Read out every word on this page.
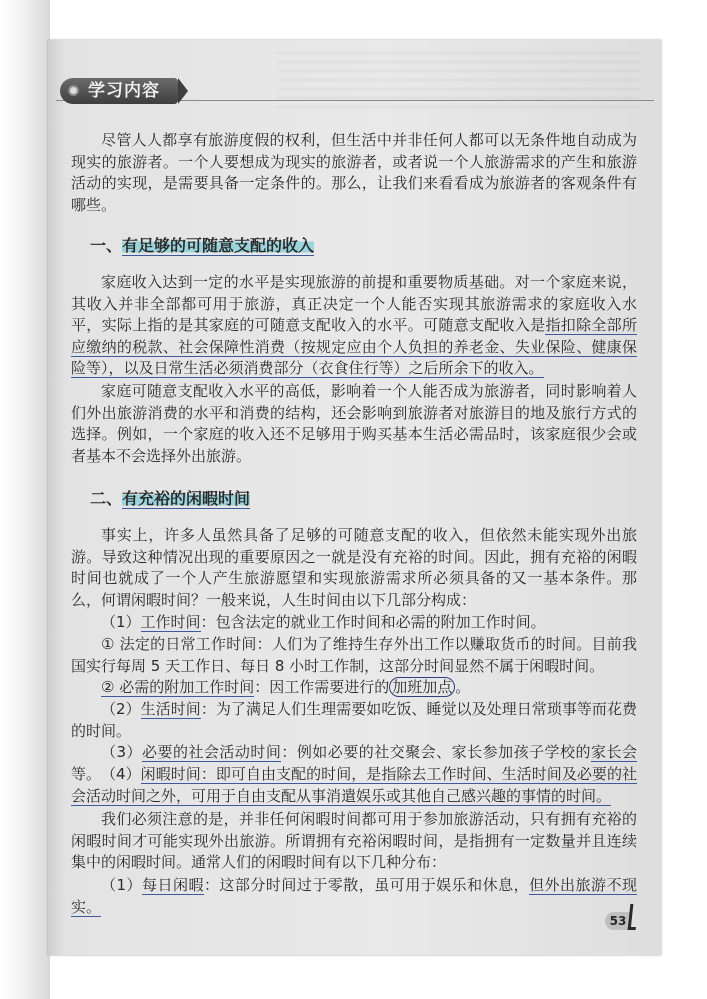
学习内容

尽管人人都享有旅游度假的权利，但生活中并非任何人都可以无条件地自动成为现实的旅游者。一个人要想成为现实的旅游者，或者说一个人旅游需求的产生和旅游活动的实现，是需要具备一定条件的。那么，让我们来看看成为旅游者的客观条件有哪些。

一、有足够的可随意支配的收入

家庭收入达到一定的水平是实现旅游的前提和重要物质基础。对一个家庭来说，其收入并非全部都可用于旅游，真正决定一个人能否实现其旅游需求的家庭收入水平，实际上指的是其家庭的可随意支配收入的水平。可随意支配收入是指扣除全部所应缴纳的税款、社会保障性消费（按规定应由个人负担的养老金、失业保险、健康保险等），以及日常生活必须消费部分（衣食住行等）之后所余下的收入。

家庭可随意支配收入水平的高低，影响着一个人能否成为旅游者，同时影响着人们外出旅游消费的水平和消费的结构，还会影响到旅游者对旅游目的地及旅行方式的选择。例如，一个家庭的收入还不足够用于购买基本生活必需品时，该家庭很少会或者基本不会选择外出旅游。

二、有充裕的闲暇时间

事实上，许多人虽然具备了足够的可随意支配的收入，但依然未能实现外出旅游。导致这种情况出现的重要原因之一就是没有充裕的时间。因此，拥有充裕的闲暇时间也就成了一个人产生旅游愿望和实现旅游需求所必须具备的又一基本条件。那么，何谓闲暇时间？一般来说，人生时间由以下几部分构成：

（1）工作时间：包含法定的就业工作时间和必需的附加工作时间。

① 法定的日常工作时间：人们为了维持生存外出工作以赚取货币的时间。目前我国实行每周 5 天工作日、每日 8 小时工作制，这部分时间显然不属于闲暇时间。

② 必需的附加工作时间：因工作需要进行的 加班加点 。

（2）生活时间：为了满足人们生理需要如吃饭、睡觉以及处理日常琐事等而花费的时间。

（3）必要的社会活动时间：例如必要的社交聚会、家长参加孩子学校的家长会等。 （4）闲暇时间：即可自由支配的时间，是指除去工作时间、生活时间及必要的社会活动时间之外，可用于自由支配从事消遣娱乐或其他自己感兴趣的事情的时间。

我们必须注意的是，并非任何闲暇时间都可用于参加旅游活动，只有拥有充裕的闲暇时间才可能实现外出旅游。所谓拥有充裕闲暇时间，是指拥有一定数量并且连续集中的闲暇时间。通常人们的闲暇时间有以下几种分布：

（1）每日闲暇：这部分时间过于零散，虽可用于娱乐和休息，但外出旅游不现实。

53
